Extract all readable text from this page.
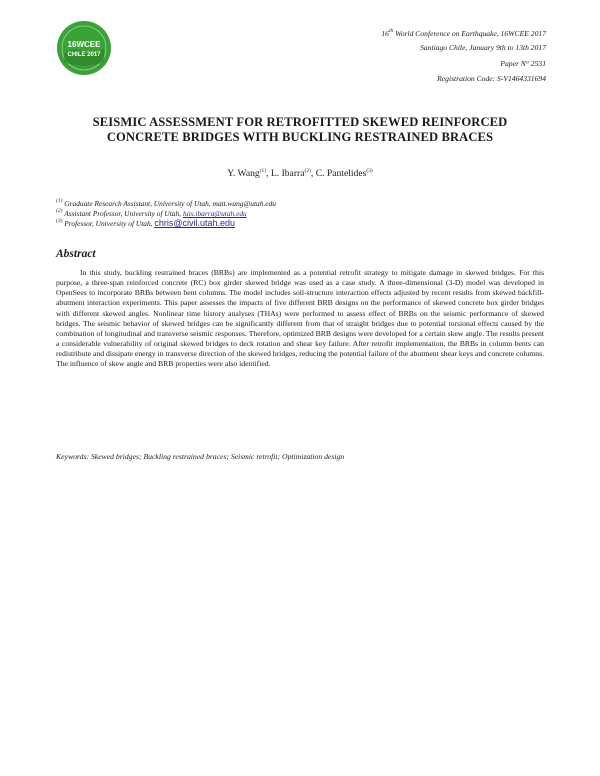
16WCEE
CHILE 2017
16th World Conference on Earthquake, 16WCEE 2017
Santiago Chile, January 9th to 13th 2017
Paper N° 2531
Registration Code: S-V1464331694
SEISMIC ASSESSMENT FOR RETROFITTED SKEWED REINFORCED
CONCRETE BRIDGES WITH BUCKLING RESTRAINED BRACES
Y. Wang$^{(1)}$, L. Ibarra$^{(2)}$, C. Pantelides$^{(3)}$
$^{(1)}$ Graduate Research Assistant, University of Utah, matt.wang@utah.edu
$^{(2)}$ Assistant Professor, University of Utah, luis.ibarra@utah.edu
$^{(3)}$ Professor, University of Utah, chris@civil.utah.edu
Abstract

In this study, buckling restrained braces (BRBs) are implemented as a potential retrofit strategy to mitigate damage in skewed bridges. For this purpose, a three-span reinforced concrete (RC) box girder skewed bridge was used as a case study. A three-dimensional (3-D) model was developed in OpenSees to incorporate BRBs between bent columns. The model includes soil-structure interaction effects adjusted by recent results from skewed backfill-abutment interaction experiments. This paper assesses the impacts of five different BRB designs on the performance of skewed concrete box girder bridges with different skewed angles. Nonlinear time history analyses (THAs) were performed to assess effect of BRBs on the seismic performance of skewed bridges. The seismic behavior of skewed bridges can be significantly different from that of straight bridges due to potential torsional effects caused by the combination of longitudinal and transverse seismic responses. Therefore, optimized BRB designs were developed for a certain skew angle. The results present a considerable vulnerability of original skewed bridges to deck rotation and shear key failure. After retrofit implementation, the BRBs in column bents can redistribute and dissipate energy in transverse direction of the skewed bridges, reducing the potential failure of the abutment shear keys and concrete columns. The influence of skew angle and BRB properties were also identified.

Keywords: Skewed bridges; Buckling restrained braces; Seismic retrofit; Optimization design
